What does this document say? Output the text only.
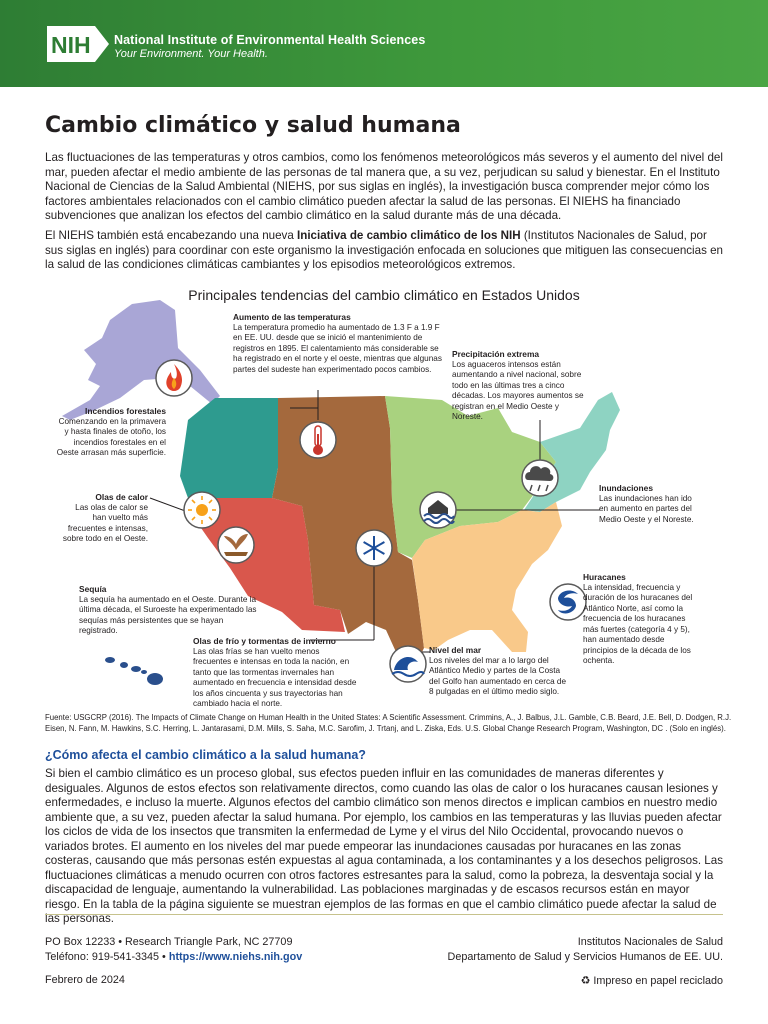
NIH National Institute of Environmental Health Sciences
Your Environment. Your Health.
Cambio climático y salud humana

Las fluctuaciones de las temperaturas y otros cambios, como los fenómenos meteorológicos más severos y el aumento del nivel del mar, pueden afectar el medio ambiente de las personas de tal manera que, a su vez, perjudican su salud y bienestar. En el Instituto Nacional de Ciencias de la Salud Ambiental (NIEHS, por sus siglas en inglés), la investigación busca comprender mejor cómo los factores ambientales relacionados con el cambio climático pueden afectar la salud de las personas. El NIEHS ha financiado subvenciones que analizan los efectos del cambio climático en la salud durante más de una década.

El NIEHS también está encabezando una nueva Iniciativa de cambio climático de los NIH (Institutos Nacionales de Salud, por sus siglas en inglés) para coordinar con este organismo la investigación enfocada en soluciones que mitiguen las consecuencias en la salud de las condiciones climáticas cambiantes y los episodios meteorológicos extremos.

Principales tendencias del cambio climático en Estados Unidos
Aumento de las temperaturas
La temperatura promedio ha aumentado de 1.3 F a 1.9 F en EE. UU. desde que se inició el mantenimiento de registros en 1895. El calentamiento más considerable se ha registrado en el norte y el oeste, mientras que algunas partes del sudeste han experimentado pocos cambios.
Precipitación extrema
Los aguaceros intensos están aumentando a nivel nacional, sobre todo en las últimas tres a cinco décadas. Los mayores aumentos se registran en el Medio Oeste y Noreste.
Incendios forestales
Comenzando en la primavera y hasta finales de otoño, los incendios forestales en el Oeste arrasan más superficie.
Olas de calor
Las olas de calor se han vuelto más frecuentes e intensas, sobre todo en el Oeste.
Inundaciones
Las inundaciones han ido en aumento en partes del Medio Oeste y el Noreste.
Sequía
La sequía ha aumentado en el Oeste. Durante la última década, el Suroeste ha experimentado las sequías más persistentes que se hayan registrado.
Huracanes
La intensidad, frecuencia y duración de los huracanes del Atlántico Norte, así como la frecuencia de los huracanes más fuertes (categoría 4 y 5), han aumentado desde principios de la década de los ochenta.
Olas de frío y tormentas de invierno
Las olas frías se han vuelto menos frecuentes e intensas en toda la nación, en tanto que las tormentas invernales han aumentado en frecuencia e intensidad desde los años cincuenta y sus trayectorias han cambiado hacia el norte.
Nivel del mar
Los niveles del mar a lo largo del Atlántico Medio y partes de la Costa del Golfo han aumentado en cerca de 8 pulgadas en el último medio siglo.
Fuente: USGCRP (2016). The Impacts of Climate Change on Human Health in the United States: A Scientific Assessment. Crimmins, A., J. Balbus, J.L. Gamble, C.B. Beard, J.E. Bell, D. Dodgen, R.J. Eisen, N. Fann, M. Hawkins, S.C. Herring, L. Jantarasami, D.M. Mills, S. Saha, M.C. Sarofim, J. Trtanj, and L. Ziska, Eds. U.S. Global Change Research Program, Washington, DC . (Solo en inglés).
¿Cómo afecta el cambio climático a la salud humana?

Si bien el cambio climático es un proceso global, sus efectos pueden influir en las comunidades de maneras diferentes y desiguales. Algunos de estos efectos son relativamente directos, como cuando las olas de calor o los huracanes causan lesiones y enfermedades, e incluso la muerte. Algunos efectos del cambio climático son menos directos e implican cambios en nuestro medio ambiente que, a su vez, pueden afectar la salud humana. Por ejemplo, los cambios en las temperaturas y las lluvias pueden afectar los ciclos de vida de los insectos que transmiten la enfermedad de Lyme y el virus del Nilo Occidental, provocando nuevos o variados brotes. El aumento en los niveles del mar puede empeorar las inundaciones causadas por huracanes en las zonas costeras, causando que más personas estén expuestas al agua contaminada, a los contaminantes y a los desechos peligrosos. Las fluctuaciones climáticas a menudo ocurren con otros factores estresantes para la salud, como la pobreza, la desventaja social y la discapacidad de lenguaje, aumentando la vulnerabilidad. Las poblaciones marginadas y de escasos recursos están en mayor riesgo. En la tabla de la página siguiente se muestran ejemplos de las formas en que el cambio climático puede afectar la salud de las personas.

PO Box 12233 • Research Triangle Park, NC 27709
Teléfono: 919-541-3345 • https://www.niehs.nih.gov
Febrero de 2024
Institutos Nacionales de Salud
Departamento de Salud y Servicios Humanos de EE. UU.
♻ Impreso en papel reciclado
